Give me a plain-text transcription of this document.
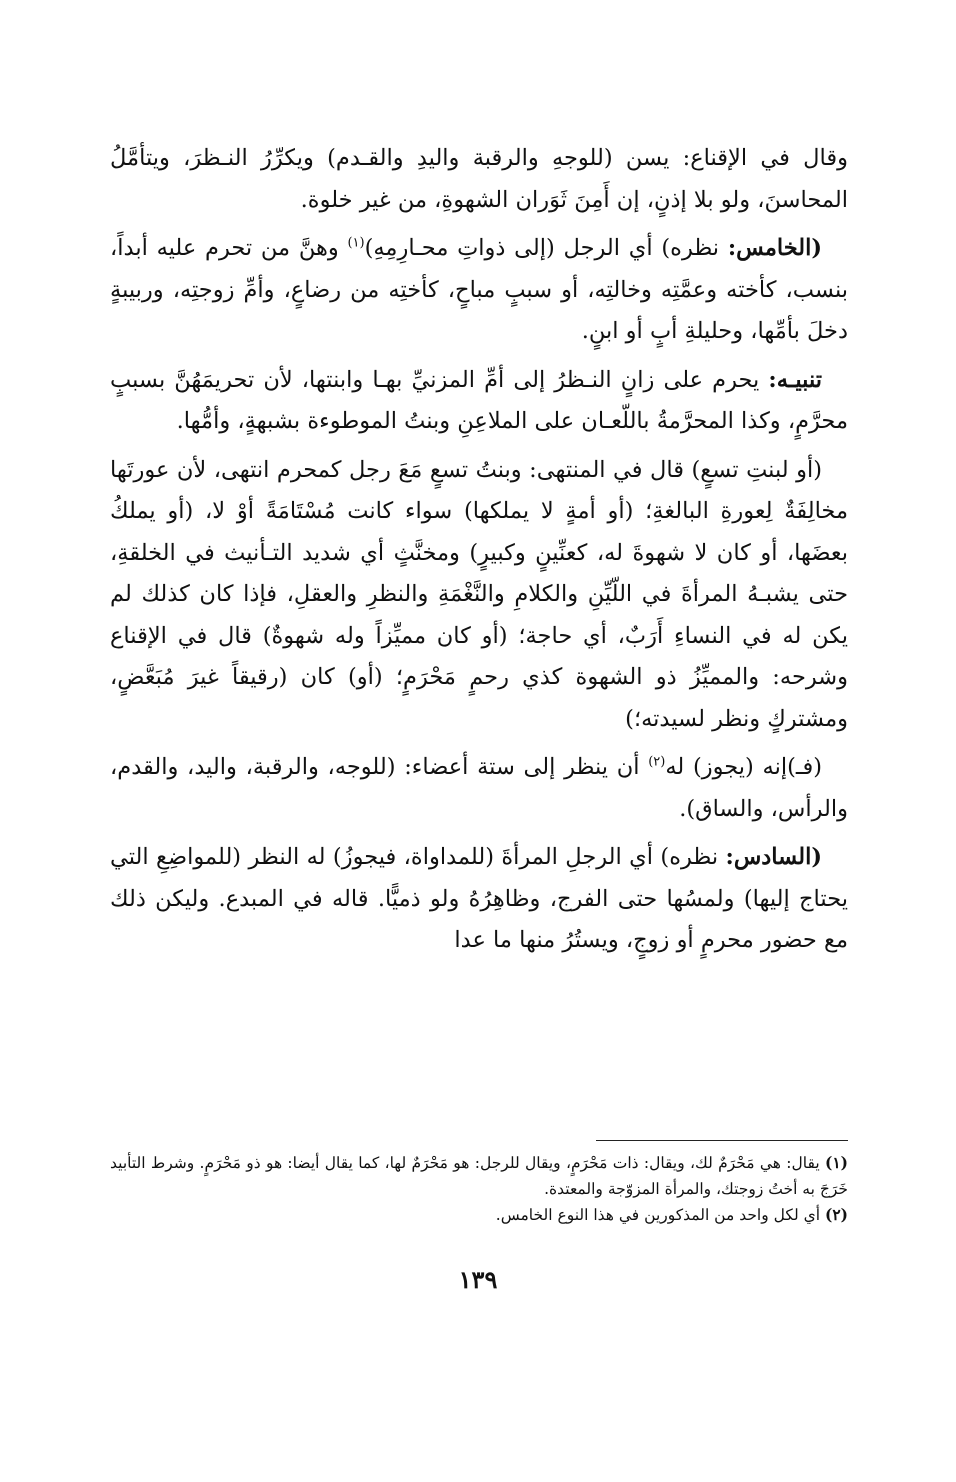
وقال في الإقناع: يسن (للوجهِ والرقبة واليدِ والقـدم) ويكرِّرُ النـظرَ، ويتأمَّلُ المحاسنَ، ولو بلا إذنٍ، إن أَمِنَ ثَوَران الشهوةِ، من غير خلوة.

(الخامس: نظره) أي الرجل (إلى ذواتِ محـارِمِهِ)$^{(١)}$ وهنَّ من تحرم عليه أبداً، بنسب، كأخته وعمَّتِه وخالتِه، أو سببٍ مباحٍ، كأختِه من رضاعٍ، وأمِّ زوجتِه، وربيبةٍ دخلَ بأمِّها، وحليلةِ أبٍ أو ابنٍ.

تنبيـه: يحرم على زانٍ النـظرُ إلى أمِّ المزنيِّ بهـا وابنتها، لأن تحريمَهُنَّ بسببٍ محرَّمٍ، وكذا المحرَّمةُ باللّعـان على الملاعِنِ وبنتُ الموطوءة بشبهةٍ، وأمُّها.

(أو لبنتِ تسعٍ) قال في المنتهى: وبنتُ تسعٍ مَعَ رجل كمحرم انتهى، لأن عورتَها مخالِفَةٌ لِعورةِ البالغةِ؛ (أو أمةٍ لا يملكها) سواء كانت مُسْتَامَةً أوْ لا، (أو يملكُ بعضَها، أو كان لا شهوةَ له، كعنِّينٍ وكبيرٍ) ومخنَّثٍ أي شديد التـأنيث في الخلقةِ، حتى يشبـهُ المرأةَ في اللّيِّنِ والكلامِ والنَّغْمَةِ والنظرِ والعقلِ، فإذا كان كذلك لم يكن له في النساءِ أَرَبٌ، أي حاجة؛ (أو كان مميِّزاً وله شهوةٌ) قال في الإقناع وشرحه: والمميِّزُ ذو الشهوة كذي رحمٍ مَحْرَمٍ؛ (أو) كان (رقيقاً غيرَ مُبَعَّضٍ، ومشتركٍ ونظر لسيدته؛)

(فـ)إنه (يجوز) له$^{(٢)}$ أن ينظر إلى ستة أعضاء: (للوجه، والرقبة، واليد، والقدم، والرأس، والساق).

(السادس: نظره) أي الرجلِ المرأةَ (للمداواة، فيجوزُ) له النظر (للمواضِعِ التي يحتاج إليها) ولمسُها حتى الفرج، وظاهِرُهُ ولو ذميًّا. قاله في المبدع. وليكن ذلك مع حضور محرمٍ أو زوجٍ، ويستُرُ منها ما عدا

(١) يقال: هي مَحْرَمٌ لك، ويقال: ذات مَحْرَمٍ، ويقال للرجل: هو مَحْرَمٌ لها، كما يقال أيضا: هو ذو مَحْرَمٍ. وشرط التأبيد خَرَجَ به أختُ زوجتك، والمرأة المزوّجة والمعتدة.

(٢) أي لكل واحد من المذكورين في هذا النوع الخامس.

١٣٩
